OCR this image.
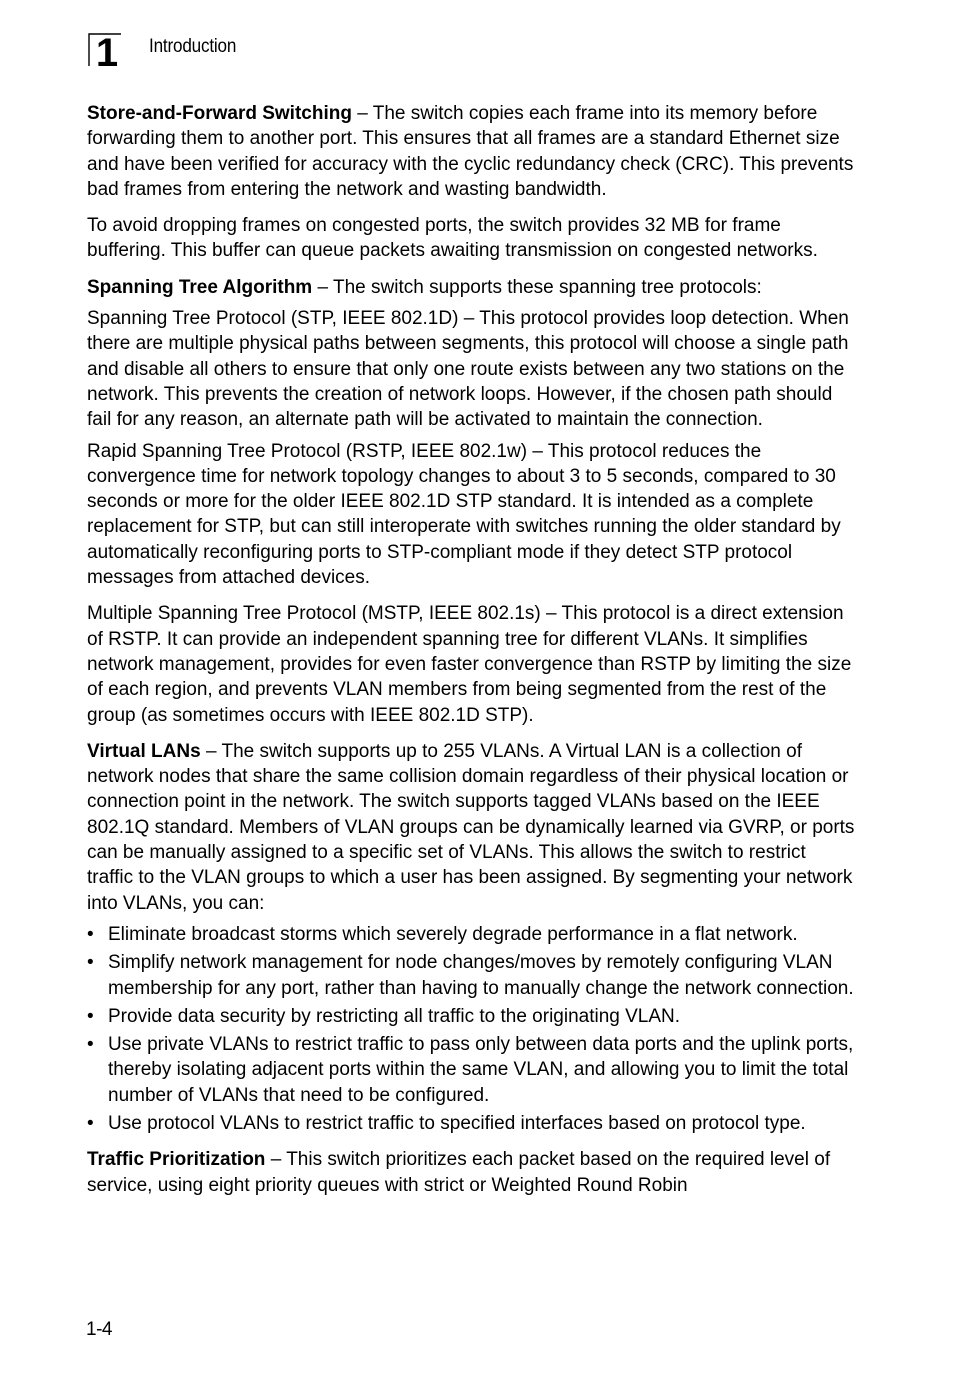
1 Introduction

Store-and-Forward Switching – The switch copies each frame into its memory before forwarding them to another port. This ensures that all frames are a standard Ethernet size and have been verified for accuracy with the cyclic redundancy check (CRC). This prevents bad frames from entering the network and wasting bandwidth.

To avoid dropping frames on congested ports, the switch provides 32 MB for frame buffering. This buffer can queue packets awaiting transmission on congested networks.

Spanning Tree Algorithm – The switch supports these spanning tree protocols:

Spanning Tree Protocol (STP, IEEE 802.1D) – This protocol provides loop detection. When there are multiple physical paths between segments, this protocol will choose a single path and disable all others to ensure that only one route exists between any two stations on the network. This prevents the creation of network loops. However, if the chosen path should fail for any reason, an alternate path will be activated to maintain the connection.

Rapid Spanning Tree Protocol (RSTP, IEEE 802.1w) – This protocol reduces the convergence time for network topology changes to about 3 to 5 seconds, compared to 30 seconds or more for the older IEEE 802.1D STP standard. It is intended as a complete replacement for STP, but can still interoperate with switches running the older standard by automatically reconfiguring ports to STP-compliant mode if they detect STP protocol messages from attached devices.

Multiple Spanning Tree Protocol (MSTP, IEEE 802.1s) – This protocol is a direct extension of RSTP. It can provide an independent spanning tree for different VLANs. It simplifies network management, provides for even faster convergence than RSTP by limiting the size of each region, and prevents VLAN members from being segmented from the rest of the group (as sometimes occurs with IEEE 802.1D STP).

Virtual LANs – The switch supports up to 255 VLANs. A Virtual LAN is a collection of network nodes that share the same collision domain regardless of their physical location or connection point in the network. The switch supports tagged VLANs based on the IEEE 802.1Q standard. Members of VLAN groups can be dynamically learned via GVRP, or ports can be manually assigned to a specific set of VLANs. This allows the switch to restrict traffic to the VLAN groups to which a user has been assigned. By segmenting your network into VLANs, you can:

• Eliminate broadcast storms which severely degrade performance in a flat network.
• Simplify network management for node changes/moves by remotely configuring VLAN membership for any port, rather than having to manually change the network connection.
• Provide data security by restricting all traffic to the originating VLAN.
• Use private VLANs to restrict traffic to pass only between data ports and the uplink ports, thereby isolating adjacent ports within the same VLAN, and allowing you to limit the total number of VLANs that need to be configured.
• Use protocol VLANs to restrict traffic to specified interfaces based on protocol type.

Traffic Prioritization – This switch prioritizes each packet based on the required level of service, using eight priority queues with strict or Weighted Round Robin

1-4
